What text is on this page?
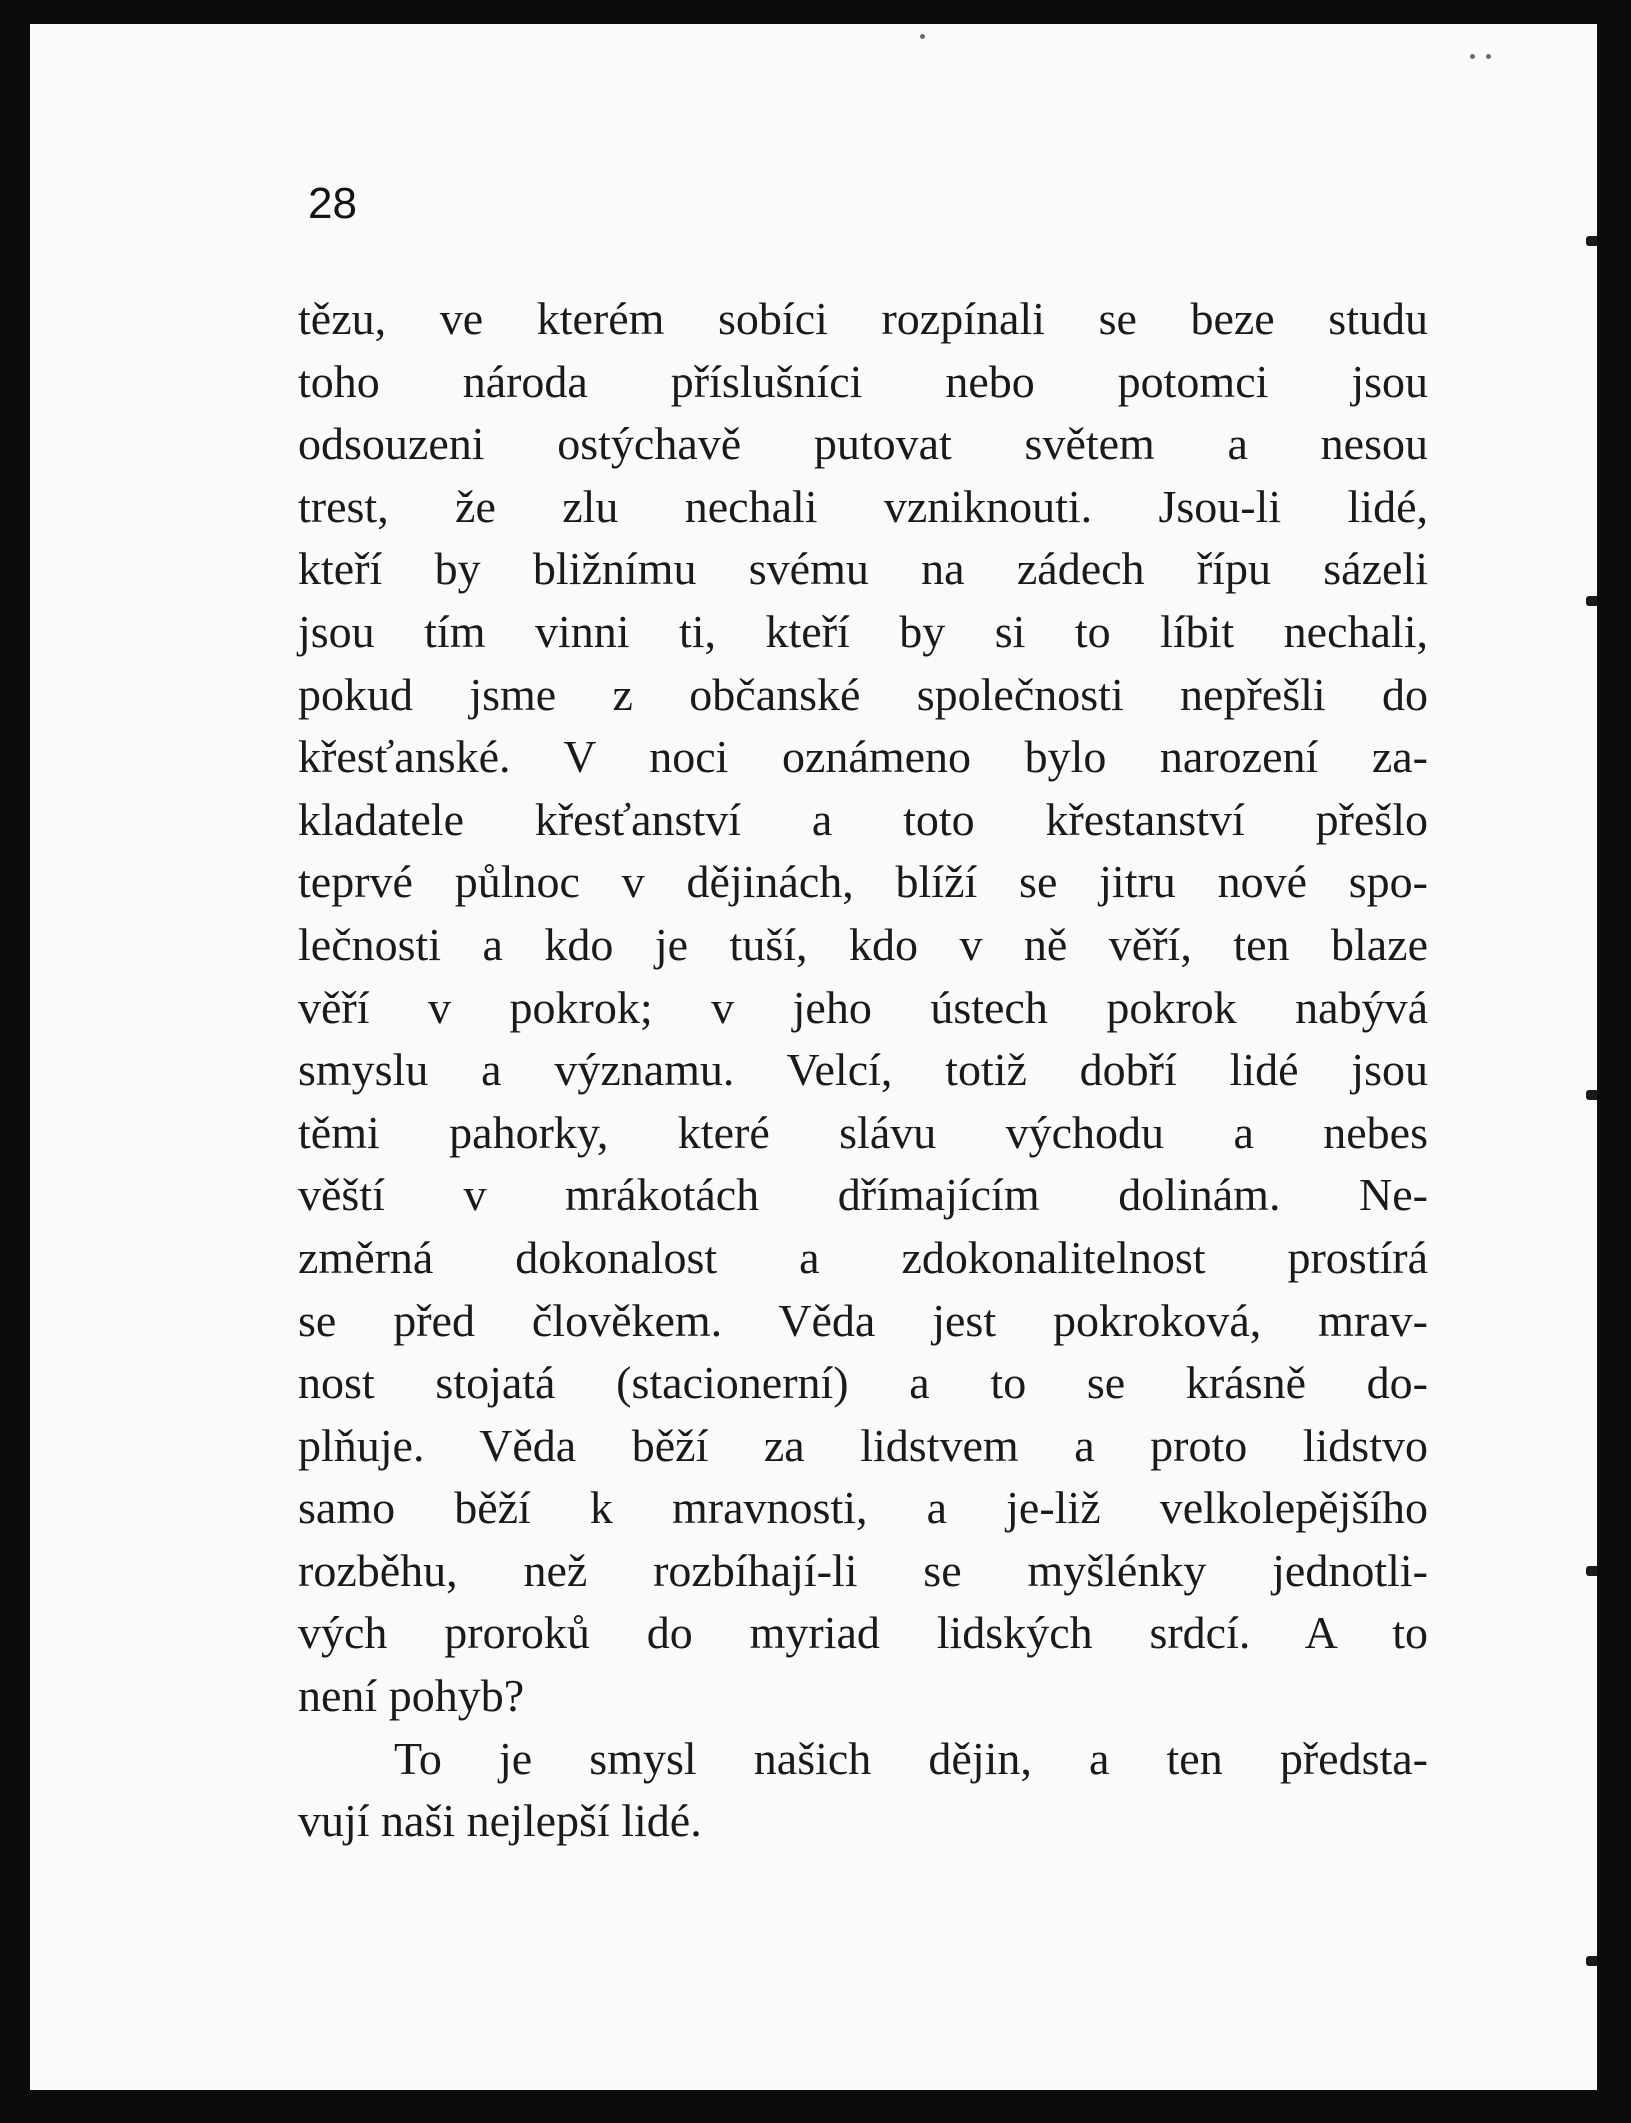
28

tězu, ve kterém sobíci rozpínali se beze studu
toho národa příslušníci nebo potomci jsou
odsouzeni ostýchavě putovat světem a nesou
trest, že zlu nechali vzniknouti. Jsou-li lidé,
kteří by bližnímu svému na zádech řípu sázeli
jsou tím vinni ti, kteří by si to líbit nechali,
pokud jsme z občanské společnosti nepřešli do
křesťanské. V noci oznámeno bylo narození za-
kladatele křesťanství a toto křestanství přešlo
teprvé půlnoc v dějinách, blíží se jitru nové spo-
lečnosti a kdo je tuší, kdo v ně věří, ten blaze
věří v pokrok; v jeho ústech pokrok nabývá
smyslu a významu. Velcí, totiž dobří lidé jsou
těmi pahorky, které slávu východu a nebes
věští v mrákotách dřímajícím dolinám. Ne-
změrná dokonalost a zdokonalitelnost prostírá
se před člověkem. Věda jest pokroková, mrav-
nost stojatá (stacionerní) a to se krásně do-
plňuje. Věda běží za lidstvem a proto lidstvo
samo běží k mravnosti, a je-liž velkolepějšího
rozběhu, než rozbíhají-li se myšlénky jednotli-
vých proroků do myriad lidských srdcí. A to
není pohyb?

To je smysl našich dějin, a ten předsta-
vují naši nejlepší lidé.
